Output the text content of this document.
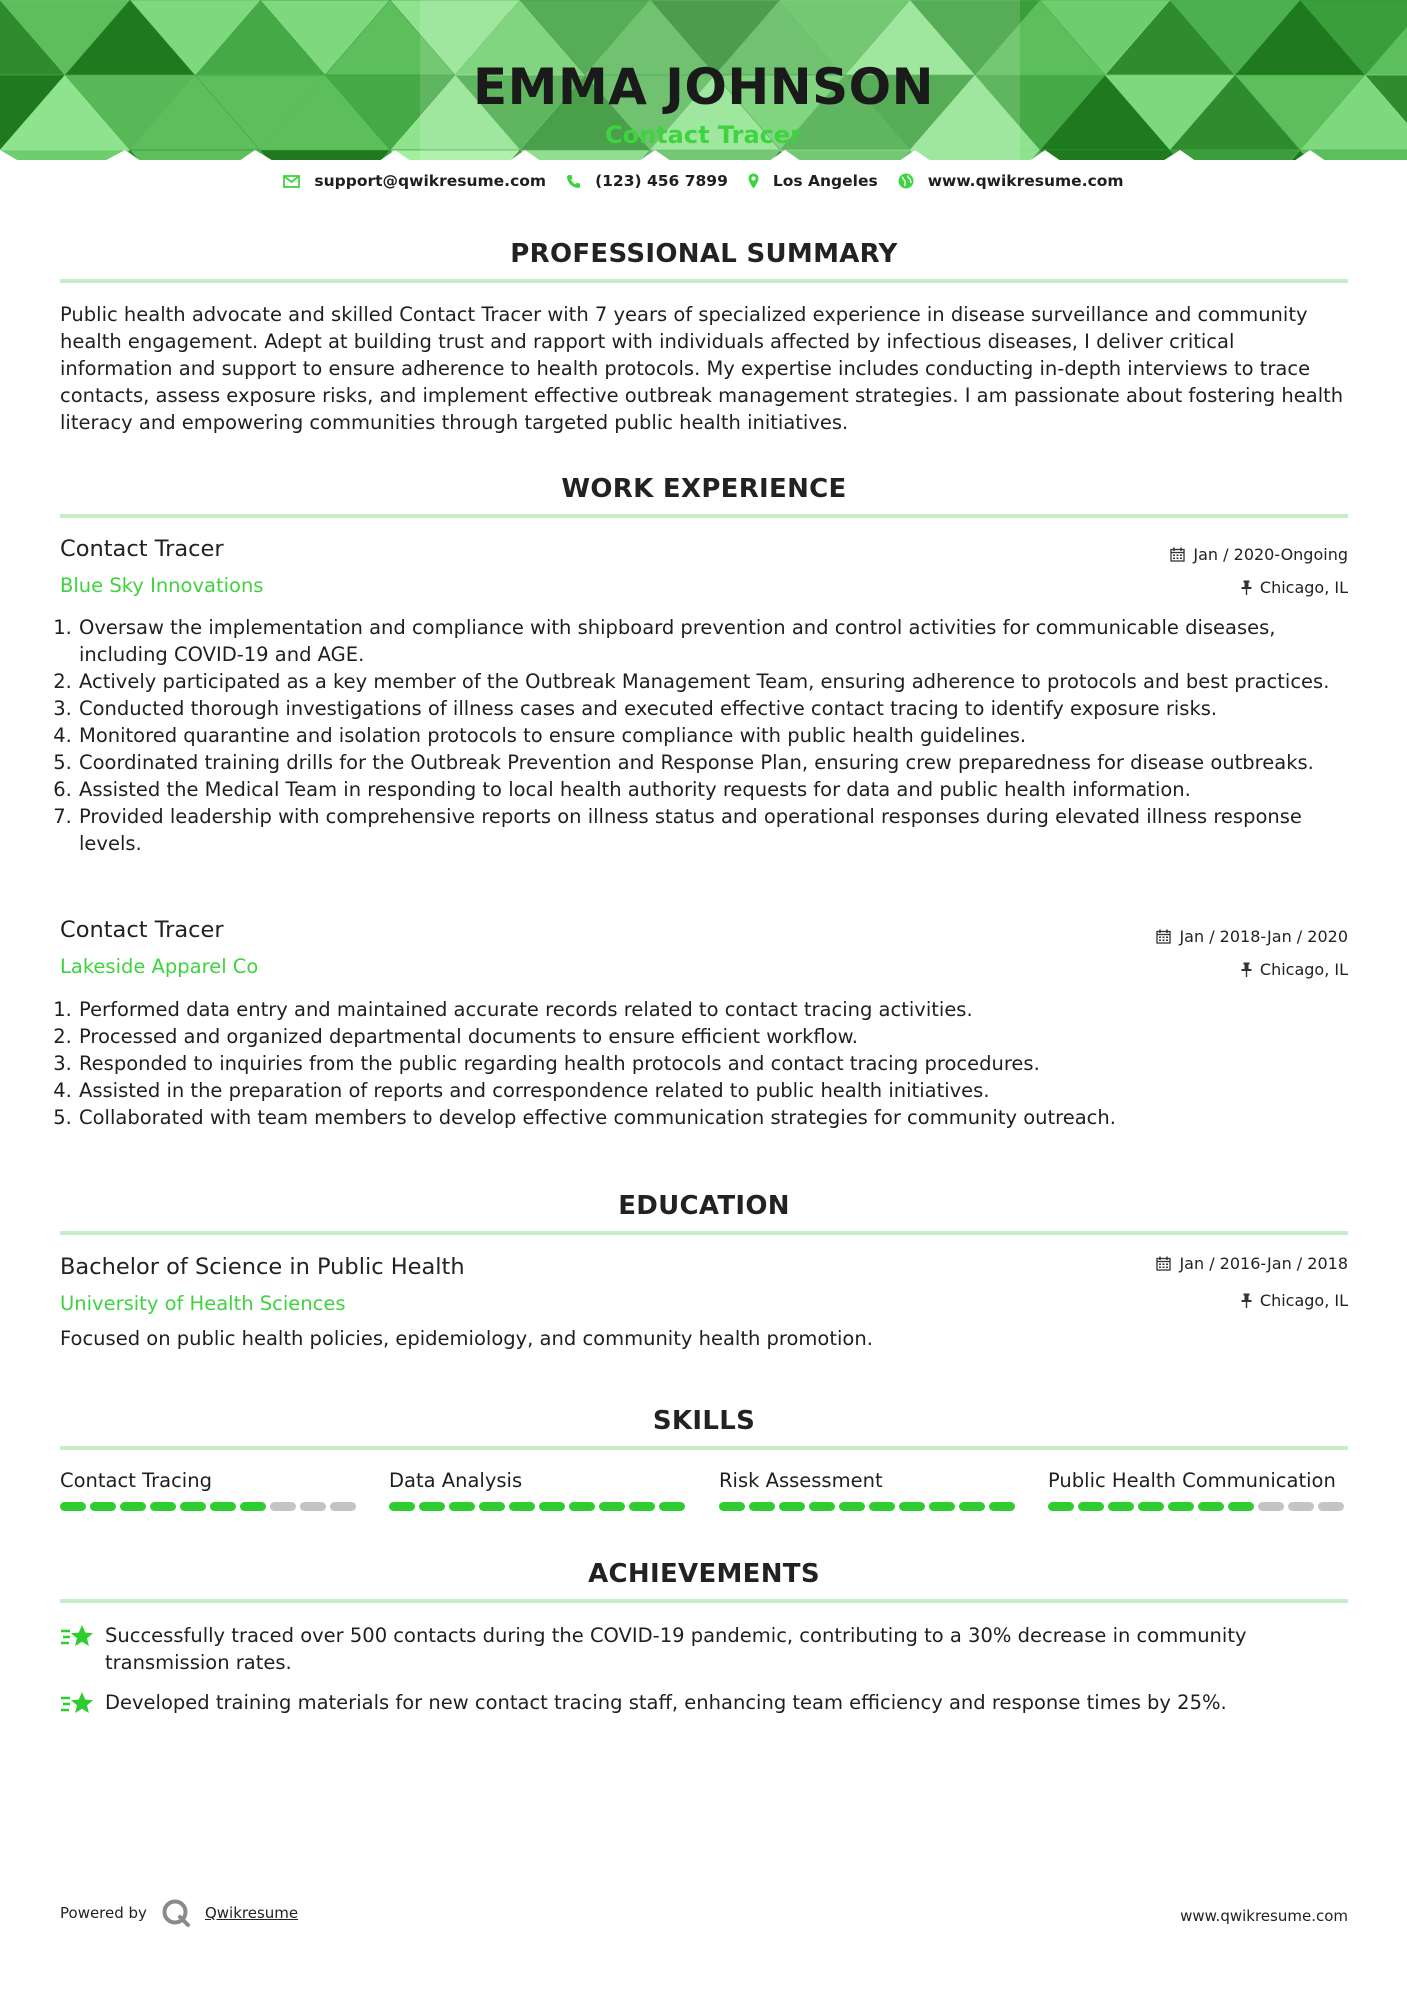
EMMA JOHNSON
Contact Tracer
support@qwikresume.com	(123) 456 7899	Los Angeles	www.qwikresume.com
PROFESSIONAL SUMMARY
Public health advocate and skilled Contact Tracer with 7 years of specialized experience in disease surveillance and community health engagement. Adept at building trust and rapport with individuals affected by infectious diseases, I deliver critical information and support to ensure adherence to health protocols. My expertise includes conducting in-depth interviews to trace contacts, assess exposure risks, and implement effective outbreak management strategies. I am passionate about fostering health literacy and empowering communities through targeted public health initiatives.
WORK EXPERIENCE
Contact Tracer	Jan / 2020-Ongoing
Blue Sky Innovations	Chicago, IL
1. Oversaw the implementation and compliance with shipboard prevention and control activities for communicable diseases, including COVID-19 and AGE.
2. Actively participated as a key member of the Outbreak Management Team, ensuring adherence to protocols and best practices.
3. Conducted thorough investigations of illness cases and executed effective contact tracing to identify exposure risks.
4. Monitored quarantine and isolation protocols to ensure compliance with public health guidelines.
5. Coordinated training drills for the Outbreak Prevention and Response Plan, ensuring crew preparedness for disease outbreaks.
6. Assisted the Medical Team in responding to local health authority requests for data and public health information.
7. Provided leadership with comprehensive reports on illness status and operational responses during elevated illness response levels.
Contact Tracer	Jan / 2018-Jan / 2020
Lakeside Apparel Co	Chicago, IL
1. Performed data entry and maintained accurate records related to contact tracing activities.
2. Processed and organized departmental documents to ensure efficient workflow.
3. Responded to inquiries from the public regarding health protocols and contact tracing procedures.
4. Assisted in the preparation of reports and correspondence related to public health initiatives.
5. Collaborated with team members to develop effective communication strategies for community outreach.
EDUCATION
Bachelor of Science in Public Health	Jan / 2016-Jan / 2018
University of Health Sciences	Chicago, IL
Focused on public health policies, epidemiology, and community health promotion.
SKILLS
Contact Tracing	Data Analysis	Risk Assessment	Public Health Communication
ACHIEVEMENTS
Successfully traced over 500 contacts during the COVID-19 pandemic, contributing to a 30% decrease in community transmission rates.
Developed training materials for new contact tracing staff, enhancing team efficiency and response times by 25%.
Powered by	Qwikresume	www.qwikresume.com
